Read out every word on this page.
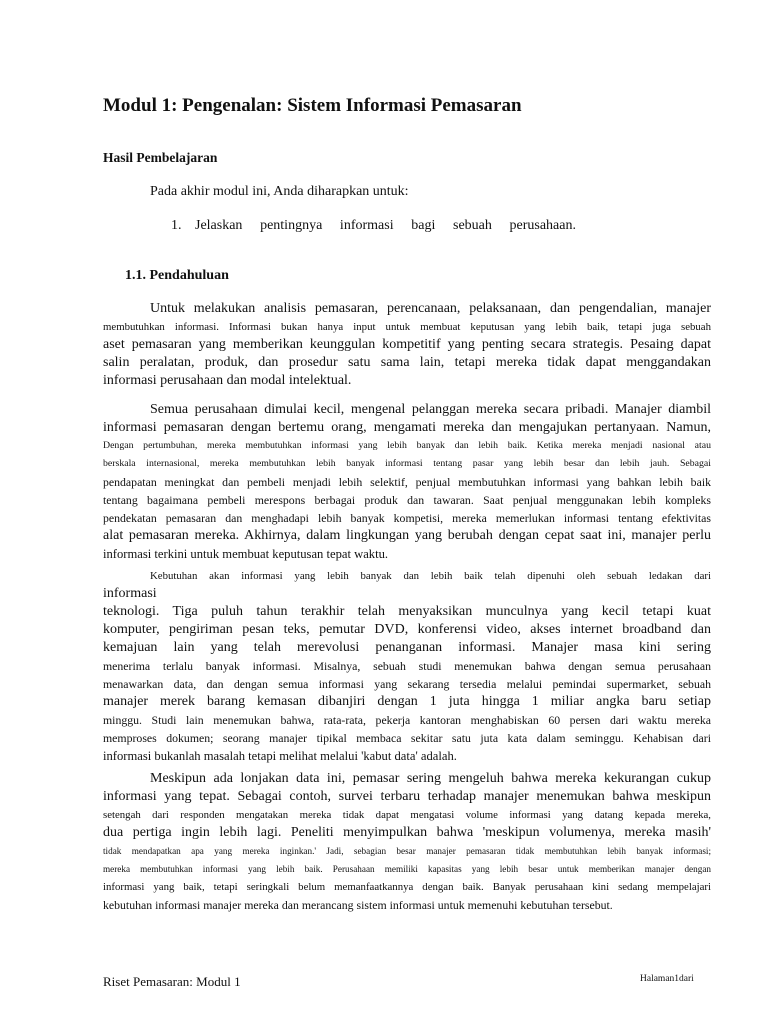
Modul 1: Pengenalan: Sistem Informasi Pemasaran
Hasil Pembelajaran

Pada akhir modul ini, Anda diharapkan untuk:

1. Jelaskan pentingnya informasi bagi sebuah perusahaan.
1.1. Pendahuluan
Untuk melakukan analisis pemasaran, perencanaan, pelaksanaan, dan pengendalian, manajer
membutuhkan informasi. Informasi bukan hanya input untuk membuat keputusan yang lebih baik, tetapi juga sebuah
aset pemasaran yang memberikan keunggulan kompetitif yang penting secara strategis. Pesaing dapat
salin peralatan, produk, dan prosedur satu sama lain, tetapi mereka tidak dapat menggandakan
informasi perusahaan dan modal intelektual.
Semua perusahaan dimulai kecil, mengenal pelanggan mereka secara pribadi. Manajer diambil
informasi pemasaran dengan bertemu orang, mengamati mereka dan mengajukan pertanyaan. Namun,
Dengan pertumbuhan, mereka membutuhkan informasi yang lebih banyak dan lebih baik. Ketika mereka menjadi nasional atau
berskala internasional, mereka membutuhkan lebih banyak informasi tentang pasar yang lebih besar dan lebih jauh. Sebagai
pendapatan meningkat dan pembeli menjadi lebih selektif, penjual membutuhkan informasi yang bahkan lebih baik
tentang bagaimana pembeli merespons berbagai produk dan tawaran. Saat penjual menggunakan lebih kompleks
pendekatan pemasaran dan menghadapi lebih banyak kompetisi, mereka memerlukan informasi tentang efektivitas
alat pemasaran mereka. Akhirnya, dalam lingkungan yang berubah dengan cepat saat ini, manajer perlu
informasi terkini untuk membuat keputusan tepat waktu.
Kebutuhan akan informasi yang lebih banyak dan lebih baik telah dipenuhi oleh sebuah ledakan dari
informasi
teknologi. Tiga puluh tahun terakhir telah menyaksikan munculnya yang kecil tetapi kuat
komputer, pengiriman pesan teks, pemutar DVD, konferensi video, akses internet broadband dan
kemajuan lain yang telah merevolusi penanganan informasi. Manajer masa kini sering
menerima terlalu banyak informasi. Misalnya, sebuah studi menemukan bahwa dengan semua perusahaan
menawarkan data, dan dengan semua informasi yang sekarang tersedia melalui pemindai supermarket, sebuah
manajer merek barang kemasan dibanjiri dengan 1 juta hingga 1 miliar angka baru setiap
minggu. Studi lain menemukan bahwa, rata-rata, pekerja kantoran menghabiskan 60 persen dari waktu mereka
memproses dokumen; seorang manajer tipikal membaca sekitar satu juta kata dalam seminggu. Kehabisan dari
informasi bukanlah masalah tetapi melihat melalui 'kabut data' adalah.
Meskipun ada lonjakan data ini, pemasar sering mengeluh bahwa mereka kekurangan cukup
informasi yang tepat. Sebagai contoh, survei terbaru terhadap manajer menemukan bahwa meskipun
setengah dari responden mengatakan mereka tidak dapat mengatasi volume informasi yang datang kepada mereka,
dua pertiga ingin lebih lagi. Peneliti menyimpulkan bahwa 'meskipun volumenya, mereka masih'
tidak mendapatkan apa yang mereka inginkan.' Jadi, sebagian besar manajer pemasaran tidak membutuhkan lebih banyak informasi;
mereka membutuhkan informasi yang lebih baik. Perusahaan memiliki kapasitas yang lebih besar untuk memberikan manajer dengan
informasi yang baik, tetapi seringkali belum memanfaatkannya dengan baik. Banyak perusahaan kini sedang mempelajari
kebutuhan informasi manajer mereka dan merancang sistem informasi untuk memenuhi kebutuhan tersebut.

Riset Pemasaran: Modul 1	Halaman1dari
